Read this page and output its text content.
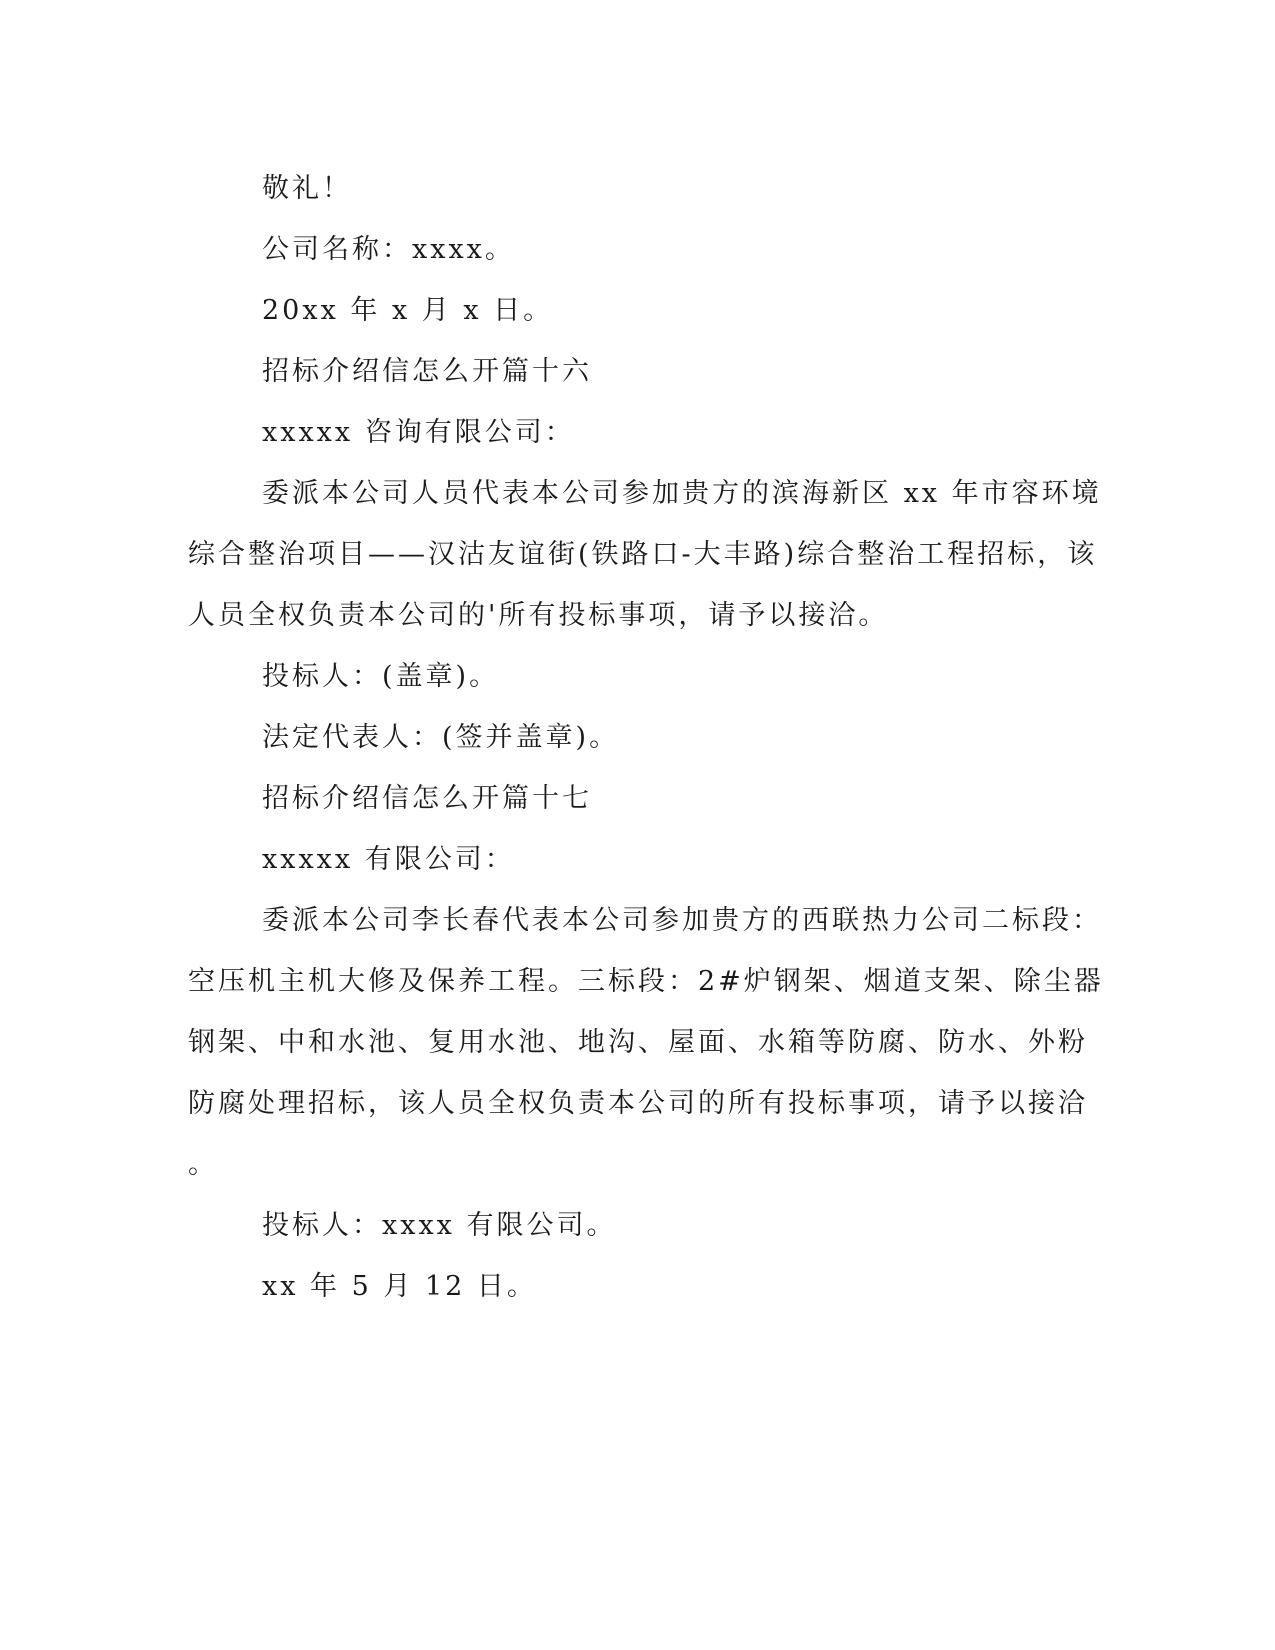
敬礼！

公司名称：xxxx。

20xx 年 x 月 x 日。

招标介绍信怎么开篇十六

xxxxx 咨询有限公司：

委派本公司人员代表本公司参加贵方的滨海新区 xx 年市容环境
综合整治项目——汉沽友谊街(铁路口-大丰路)综合整治工程招标，该
人员全权负责本公司的'所有投标事项，请予以接洽。

投标人：(盖章)。

法定代表人：(签并盖章)。

招标介绍信怎么开篇十七

xxxxx 有限公司：

委派本公司李长春代表本公司参加贵方的西联热力公司二标段：
空压机主机大修及保养工程。三标段：2#炉钢架、烟道支架、除尘器
钢架、中和水池、复用水池、地沟、屋面、水箱等防腐、防水、外粉
防腐处理招标，该人员全权负责本公司的所有投标事项，请予以接洽
。

投标人：xxxx 有限公司。

xx 年 5 月 12 日。
